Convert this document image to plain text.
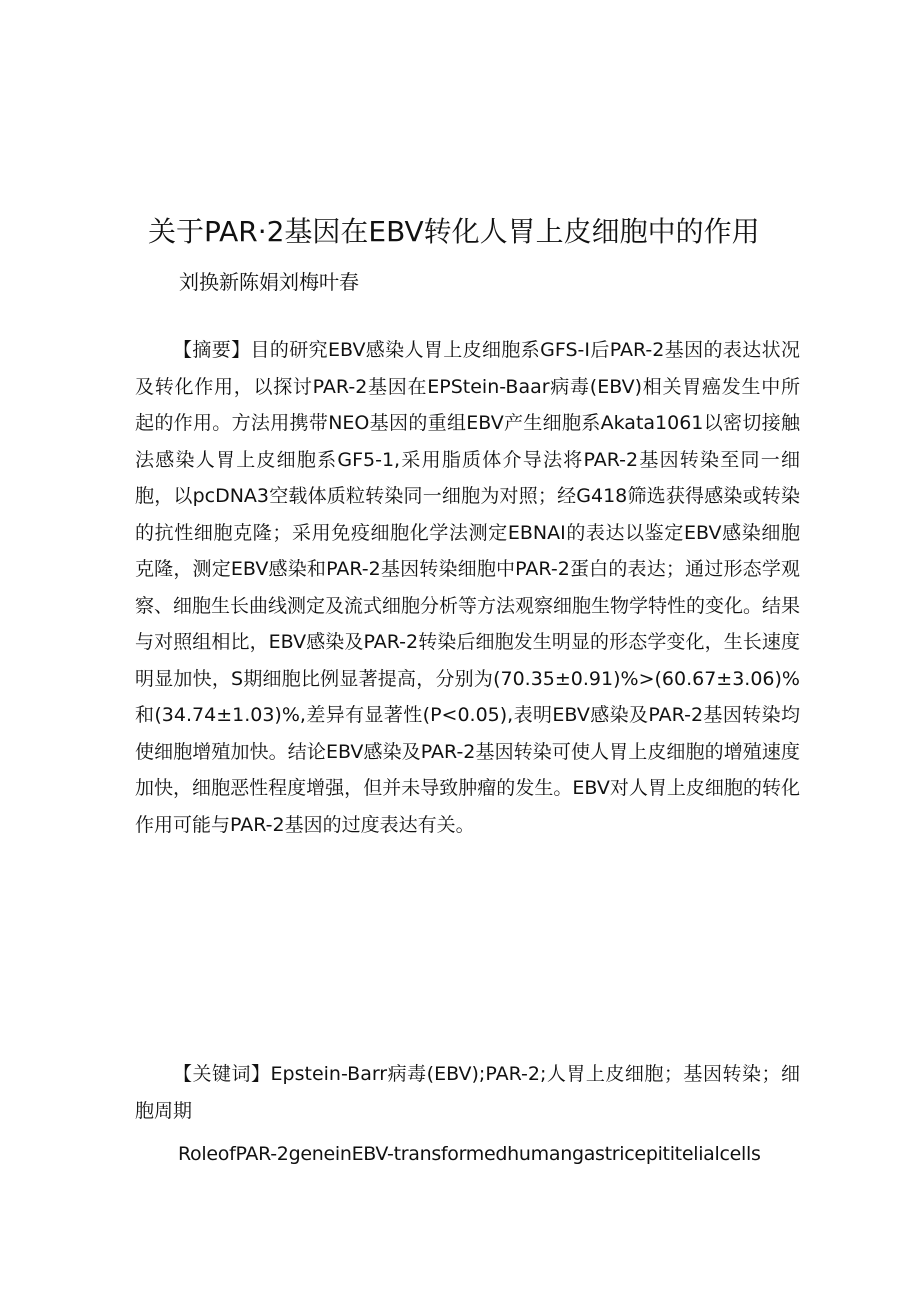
关于PAR·2基因在EBV转化人胃上皮细胞中的作用
刘换新陈娟刘梅叶春

【摘要】目的研究EBV感染人胃上皮细胞系GFS-I后PAR-2基因的表达状况及转化作用，以探讨PAR-2基因在EPStein-Baar病毒(EBV)相关胃癌发生中所起的作用。方法用携带NEO基因的重组EBV产生细胞系Akata1061以密切接触法感染人胃上皮细胞系GF5-1,采用脂质体介导法将PAR-2基因转染至同一细胞，以pcDNA3空载体质粒转染同一细胞为对照；经G418筛选获得感染或转染的抗性细胞克隆；采用免疫细胞化学法测定EBNAI的表达以鉴定EBV感染细胞克隆，测定EBV感染和PAR-2基因转染细胞中PAR-2蛋白的表达；通过形态学观察、细胞生长曲线测定及流式细胞分析等方法观察细胞生物学特性的变化。结果与对照组相比，EBV感染及PAR-2转染后细胞发生明显的形态学变化，生长速度明显加快，S期细胞比例显著提高，分别为(70.35±0.91)%>(60.67±3.06)%和(34.74±1.03)%,差异有显著性(P<0.05),表明EBV感染及PAR-2基因转染均使细胞增殖加快。结论EBV感染及PAR-2基因转染可使人胃上皮细胞的增殖速度加快，细胞恶性程度增强，但并未导致肿瘤的发生。EBV对人胃上皮细胞的转化作用可能与PAR-2基因的过度表达有关。

【关键词】Epstein-Barr病毒(EBV);PAR-2;人胃上皮细胞；基因转染；细胞周期

RoleofPAR-2geneinEBV-transformedhumangastricepititelialcells
